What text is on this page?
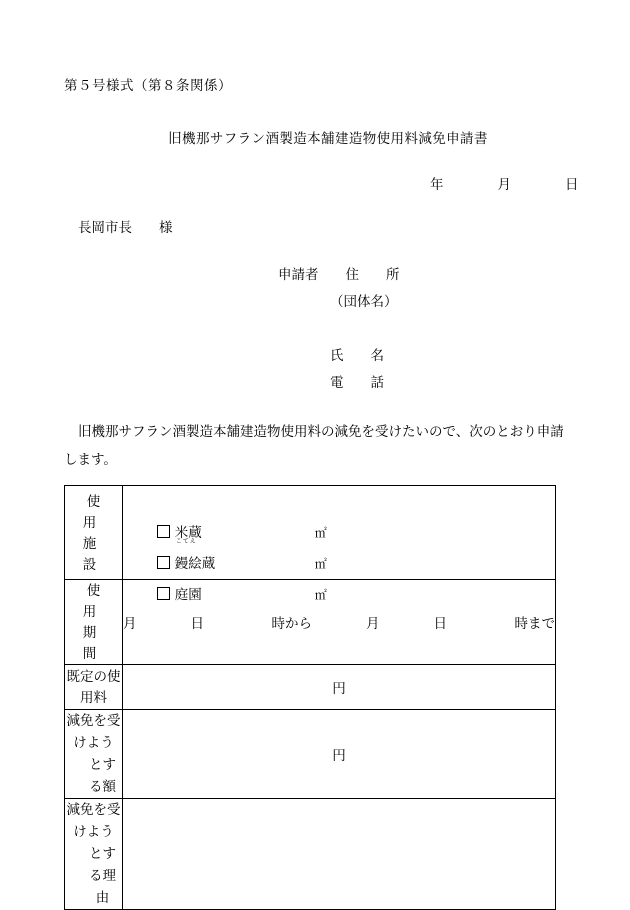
第５号様式（第８条関係）
旧機那サフラン酒製造本舗建造物使用料減免申請書
年　　　　月　　　　日
長岡市長　　様
申請者　　住　　所
（団体名）
氏　　名
電　　話
旧機那サフラン酒製造本舗建造物使用料の減免を受けたいので、次のとおり申請します。
使　用　施　設	米蔵 ㎡

こてえ
鏝絵蔵 ㎡

庭園 ㎡

使　用　期　間	月　　　　日　　　　　時から　　　　月　　　　日　　　　　時まで
既定の使用料	円
減免を受けよう
とする額	円
減免を受けよう
とする理由	
